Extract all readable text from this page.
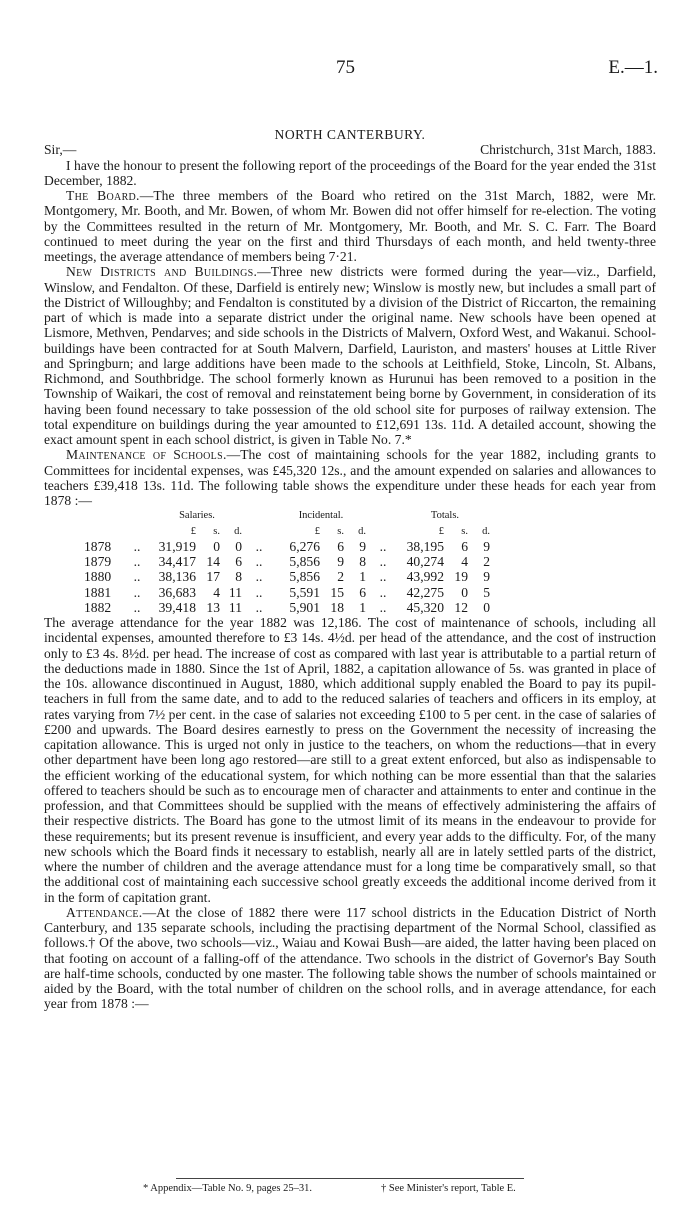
75	E.—1.
NORTH CANTERBURY.
Sir,—	Christchurch, 31st March, 1883.

I have the honour to present the following report of the proceedings of the Board for the year ended the 31st December, 1882.

The Board.—The three members of the Board who retired on the 31st March, 1882, were Mr. Montgomery, Mr. Booth, and Mr. Bowen, of whom Mr. Bowen did not offer himself for re-election. The voting by the Committees resulted in the return of Mr. Montgomery, Mr. Booth, and Mr. S. C. Farr. The Board continued to meet during the year on the first and third Thursdays of each month, and held twenty-three meetings, the average attendance of members being 7·21.

New Districts and Buildings.—Three new districts were formed during the year—viz., Darfield, Winslow, and Fendalton. Of these, Darfield is entirely new; Winslow is mostly new, but includes a small part of the District of Willoughby; and Fendalton is constituted by a division of the District of Riccarton, the remaining part of which is made into a separate district under the original name. New schools have been opened at Lismore, Methven, Pendarves; and side schools in the Districts of Malvern, Oxford West, and Wakanui. School-buildings have been contracted for at South Malvern, Darfield, Lauriston, and masters' houses at Little River and Springburn; and large additions have been made to the schools at Leithfield, Stoke, Lincoln, St. Albans, Richmond, and Southbridge. The school formerly known as Hurunui has been removed to a position in the Township of Waikari, the cost of removal and reinstatement being borne by Government, in consideration of its having been found necessary to take possession of the old school site for purposes of railway extension. The total expenditure on buildings during the year amounted to £12,691 13s. 11d. A detailed account, showing the exact amount spent in each school district, is given in Table No. 7.*

Maintenance of Schools.—The cost of maintaining schools for the year 1882, including grants to Committees for incidental expenses, was £45,320 12s., and the amount expended on salaries and allowances to teachers £39,418 13s. 11d. The following table shows the expenditure under these heads for each year from 1878 :—

		Salaries.				Incidental.				Totals.		
		£	s.	d.		£	s.	d.		£	s.	d.
1878	..	31,919	0	0	..	6,276	6	9	..	38,195	6	9
1879	..	34,417	14	6	..	5,856	9	8	..	40,274	4	2
1880	..	38,136	17	8	..	5,856	2	1	..	43,992	19	9
1881	..	36,683	4	11	..	5,591	15	6	..	42,275	0	5
1882	..	39,418	13	11	..	5,901	18	1	..	45,320	12	0

The average attendance for the year 1882 was 12,186. The cost of maintenance of schools, including all incidental expenses, amounted therefore to £3 14s. 4½d. per head of the attendance, and the cost of instruction only to £3 4s. 8½d. per head. The increase of cost as compared with last year is attributable to a partial return of the deductions made in 1880. Since the 1st of April, 1882, a capitation allowance of 5s. was granted in place of the 10s. allowance discontinued in August, 1880, which additional supply enabled the Board to pay its pupil-teachers in full from the same date, and to add to the reduced salaries of teachers and officers in its employ, at rates varying from 7½ per cent. in the case of salaries not exceeding £100 to 5 per cent. in the case of salaries of £200 and upwards. The Board desires earnestly to press on the Government the necessity of increasing the capitation allowance. This is urged not only in justice to the teachers, on whom the reductions—that in every other department have been long ago restored—are still to a great extent enforced, but also as indispensable to the efficient working of the educational system, for which nothing can be more essential than that the salaries offered to teachers should be such as to encourage men of character and attainments to enter and continue in the profession, and that Committees should be supplied with the means of effectively administering the affairs of their respective districts. The Board has gone to the utmost limit of its means in the endeavour to provide for these requirements; but its present revenue is insufficient, and every year adds to the difficulty. For, of the many new schools which the Board finds it necessary to establish, nearly all are in lately settled parts of the district, where the number of children and the average attendance must for a long time be comparatively small, so that the additional cost of maintaining each successive school greatly exceeds the additional income derived from it in the form of capitation grant.

Attendance.—At the close of 1882 there were 117 school districts in the Education District of North Canterbury, and 135 separate schools, including the practising department of the Normal School, classified as follows.† Of the above, two schools—viz., Waiau and Kowai Bush—are aided, the latter having been placed on that footing on account of a falling-off of the attendance. Two schools in the district of Governor's Bay South are half-time schools, conducted by one master. The following table shows the number of schools maintained or aided by the Board, with the total number of children on the school rolls, and in average attendance, for each year from 1878 :—

* Appendix—Table No. 9, pages 25–31.	† See Minister's report, Table E.
